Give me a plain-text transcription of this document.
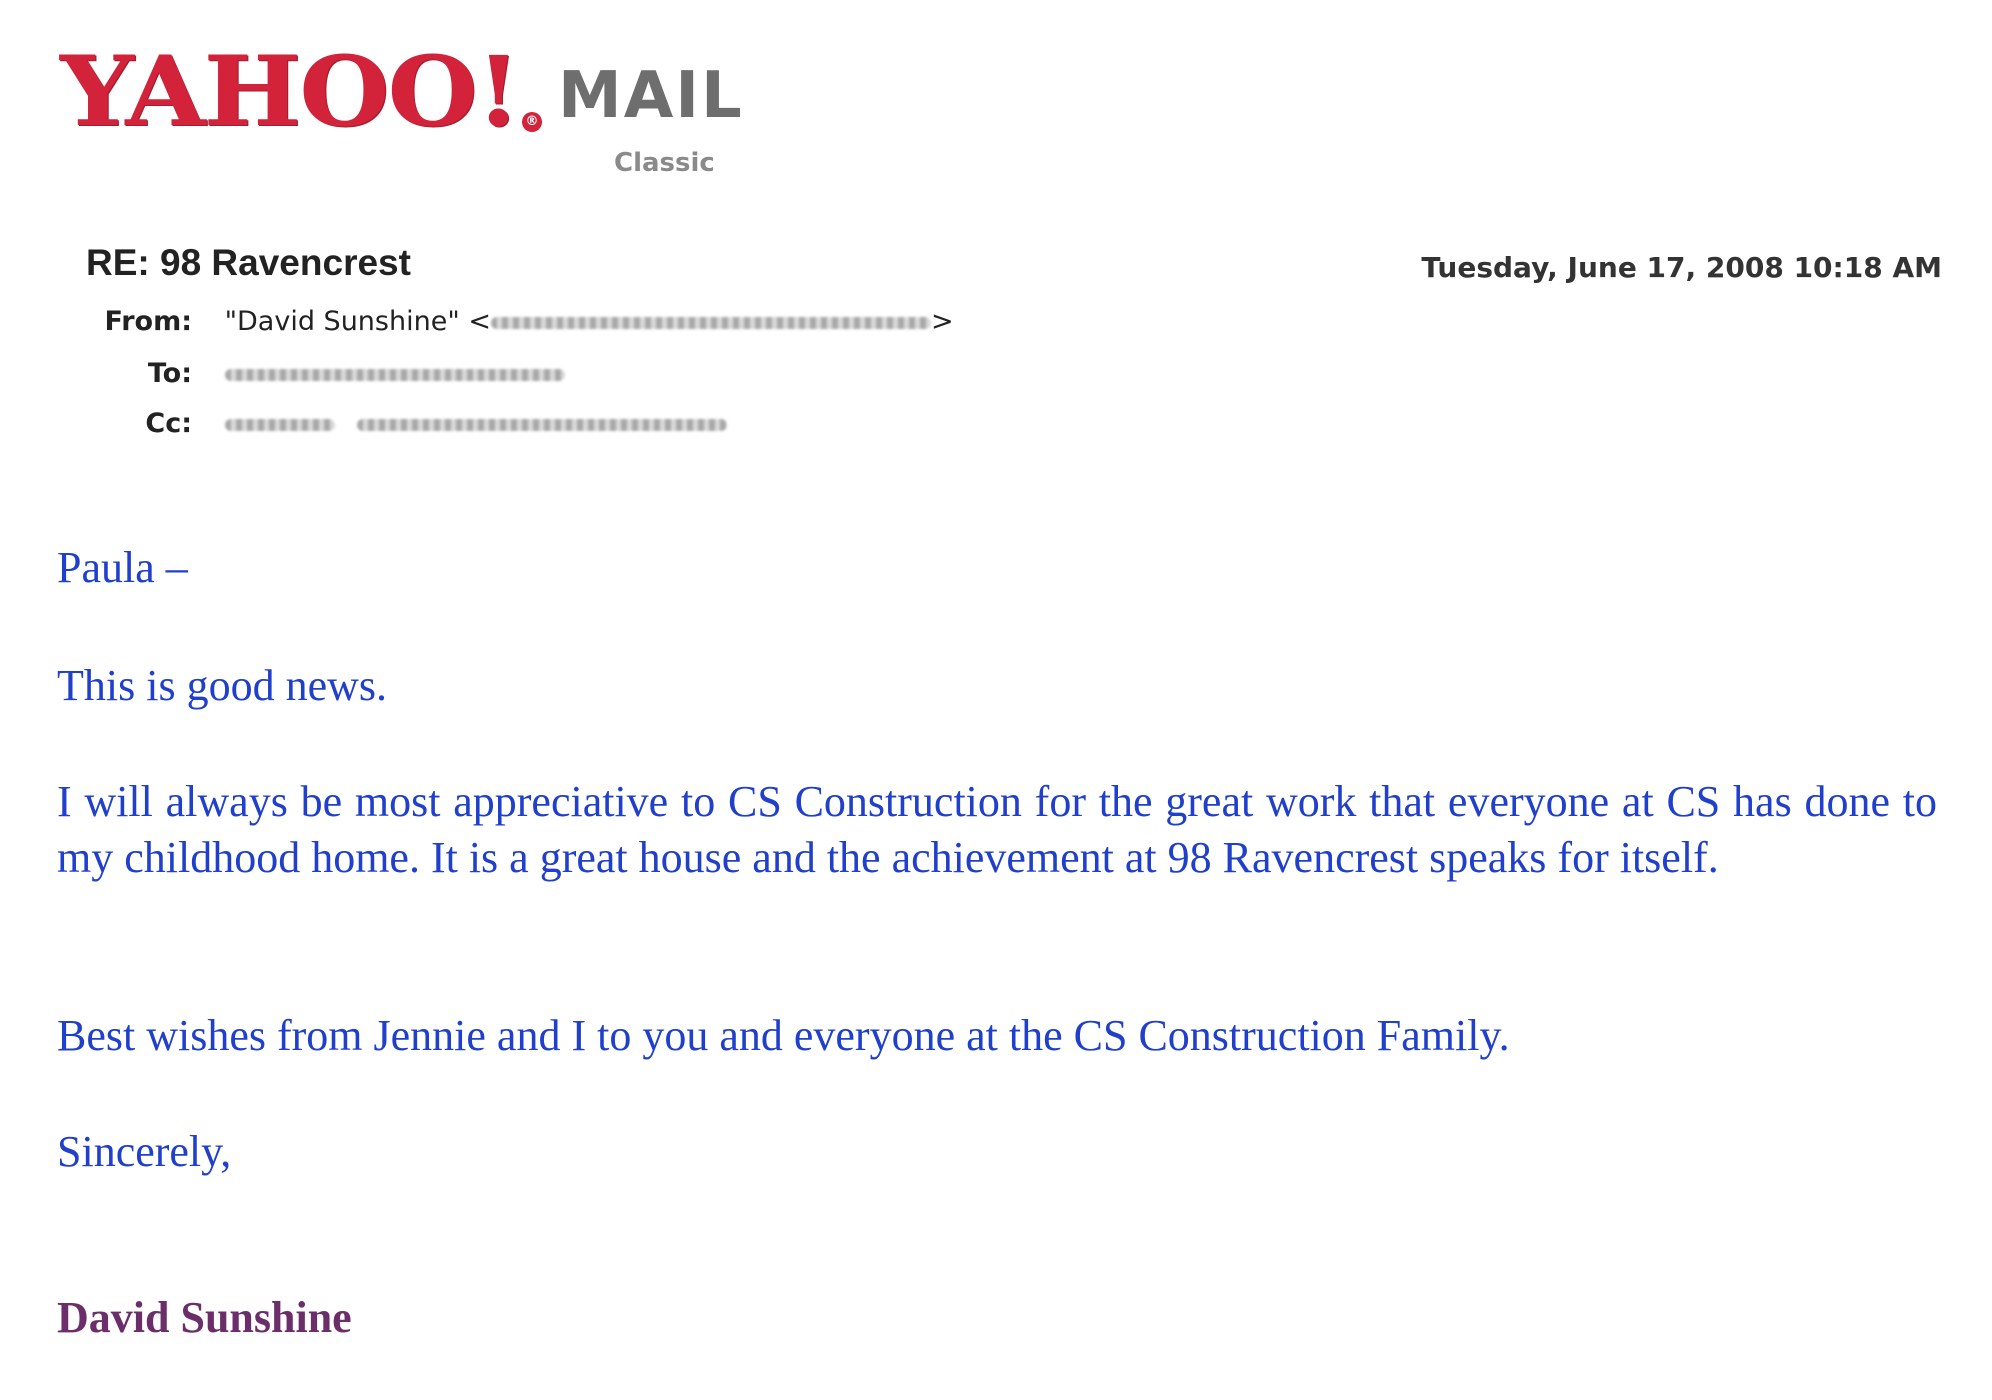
YAHOO! ® MAIL
Classic
RE: 98 Ravencrest	Tuesday, June 17, 2008 10:18 AM
From: "David Sunshine" <	>
To:
Cc:

Paula –

This is good news.

I will always be most appreciative to CS Construction for the great work that everyone at CS has done to my childhood home. It is a great house and the achievement at 98 Ravencrest speaks for itself.

Best wishes from Jennie and I to you and everyone at the CS Construction Family.

Sincerely,

David Sunshine
